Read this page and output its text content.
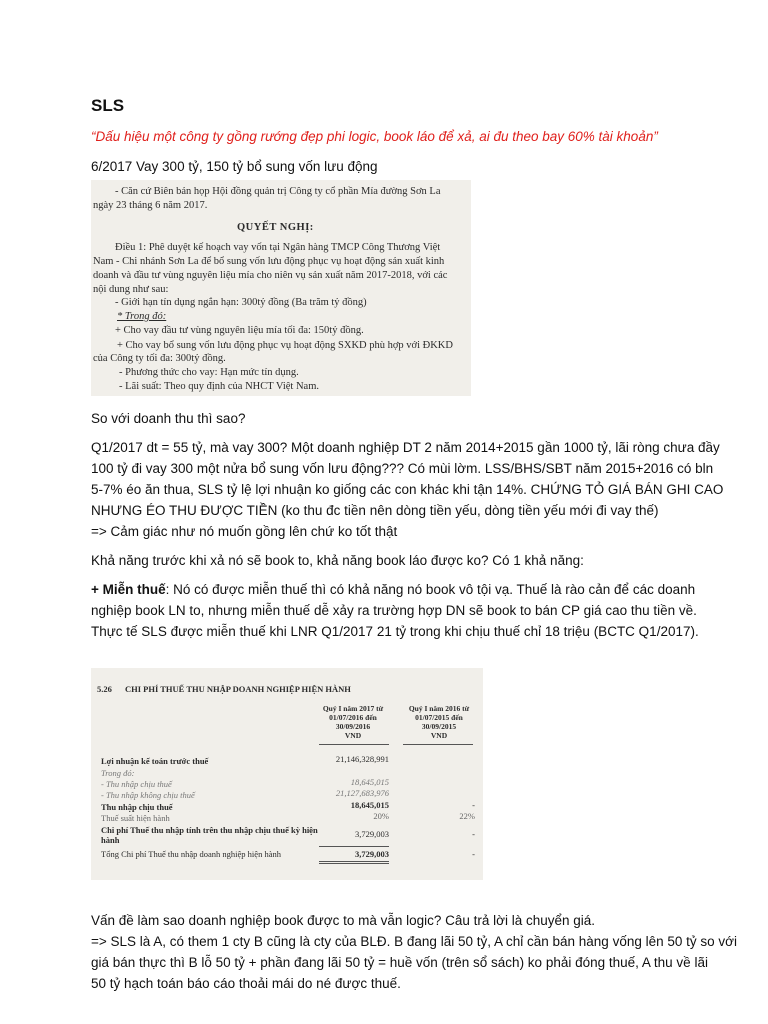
SLS
“Dấu hiệu một công ty gồng rướng đẹp phi logic, book láo để xả, ai đu theo bay 60% tài khoản”

6/2017 Vay 300 tỷ, 150 tỷ bổ sung vốn lưu động

- Căn cứ Biên bản họp Hội đồng quản trị Công ty cổ phần Mía đường Sơn La
ngày 23 tháng 6 năm 2017.
QUYẾT NGHỊ:
Điều 1: Phê duyệt kế hoạch vay vốn tại Ngân hàng TMCP Công Thương Việt
Nam - Chi nhánh Sơn La để bổ sung vốn lưu động phục vụ hoạt động sản xuất kinh
doanh và đầu tư vùng nguyên liệu mía cho niên vụ sản xuất năm 2017-2018, với các
nội dung như sau:
- Giới hạn tín dụng ngắn hạn: 300tỷ đồng (Ba trăm tỷ đồng)
* Trong đó:
+ Cho vay đầu tư vùng nguyên liệu mía tối đa: 150tỷ đồng.
+ Cho vay bổ sung vốn lưu động phục vụ hoạt động SXKD phù hợp với ĐKKD
của Công ty tối đa: 300tỷ đồng.
- Phương thức cho vay: Hạn mức tín dụng.
- Lãi suất: Theo quy định của NHCT Việt Nam.

So với doanh thu thì sao?

Q1/2017 dt = 55 tỷ, mà vay 300? Một doanh nghiệp DT 2 năm 2014+2015 gần 1000 tỷ, lãi ròng chưa đầy
100 tỷ đi vay 300 một nửa bổ sung vốn lưu động??? Có mùi lờm. LSS/BHS/SBT năm 2015+2016 có bln
5-7% éo ăn thua, SLS tỷ lệ lợi nhuận ko giống các con khác khi tận 14%. CHỨNG TỎ GIÁ BÁN GHI CAO
NHƯNG ÉO THU ĐƯỢC TIỀN (ko thu đc tiền nên dòng tiền yếu, dòng tiền yếu mới đi vay thế)

=> Cảm giác như nó muốn gồng lên chứ ko tốt thật

Khả năng trước khi xả nó sẽ book to, khả năng book láo được ko? Có 1 khả năng:

+ Miễn thuế: Nó có được miễn thuế thì có khả năng nó book vô tội vạ. Thuế là rào cản để các doanh
nghiệp book LN to, nhưng miễn thuế dễ xảy ra trường hợp DN sẽ book to bán CP giá cao thu tiền về.
Thực tế SLS được miễn thuế khi LNR Q1/2017 21 tỷ trong khi chịu thuế chỉ 18 triệu (BCTC Q1/2017).
5.26 CHI PHÍ THUẾ THU NHẬP DOANH NGHIỆP HIỆN HÀNH
Quý I năm 2017 từ
01/07/2016 đến
30/09/2016
VND
Quý I năm 2016 từ
01/07/2015 đến
30/09/2015
VND
Lợi nhuận kế toán trước thuế	21,146,328,991
Trong đó:
- Thu nhập chịu thuế	18,645,015
- Thu nhập không chịu thuế	21,127,683,976
Thu nhập chịu thuế	18,645,015	-
Thuế suất hiện hành	20%	22%
Chi phí Thuế thu nhập tính trên thu nhập chịu thuế kỳ hiện	3,729,003	-
hành
Tổng Chi phí Thuế thu nhập doanh nghiệp hiện hành	3,729,003	-
Vấn đề làm sao doanh nghiệp book được to mà vẫn logic? Câu trả lời là chuyển giá.
=> SLS là A, có them 1 cty B cũng là cty của BLĐ. B đang lãi 50 tỷ, A chỉ cần bán hàng vống lên 50 tỷ so với
giá bán thực thì B lỗ 50 tỷ + phần đang lãi 50 tỷ = huề vốn (trên sổ sách) ko phải đóng thuế, A thu về lãi
50 tỷ hạch toán báo cáo thoải mái do né được thuế.
